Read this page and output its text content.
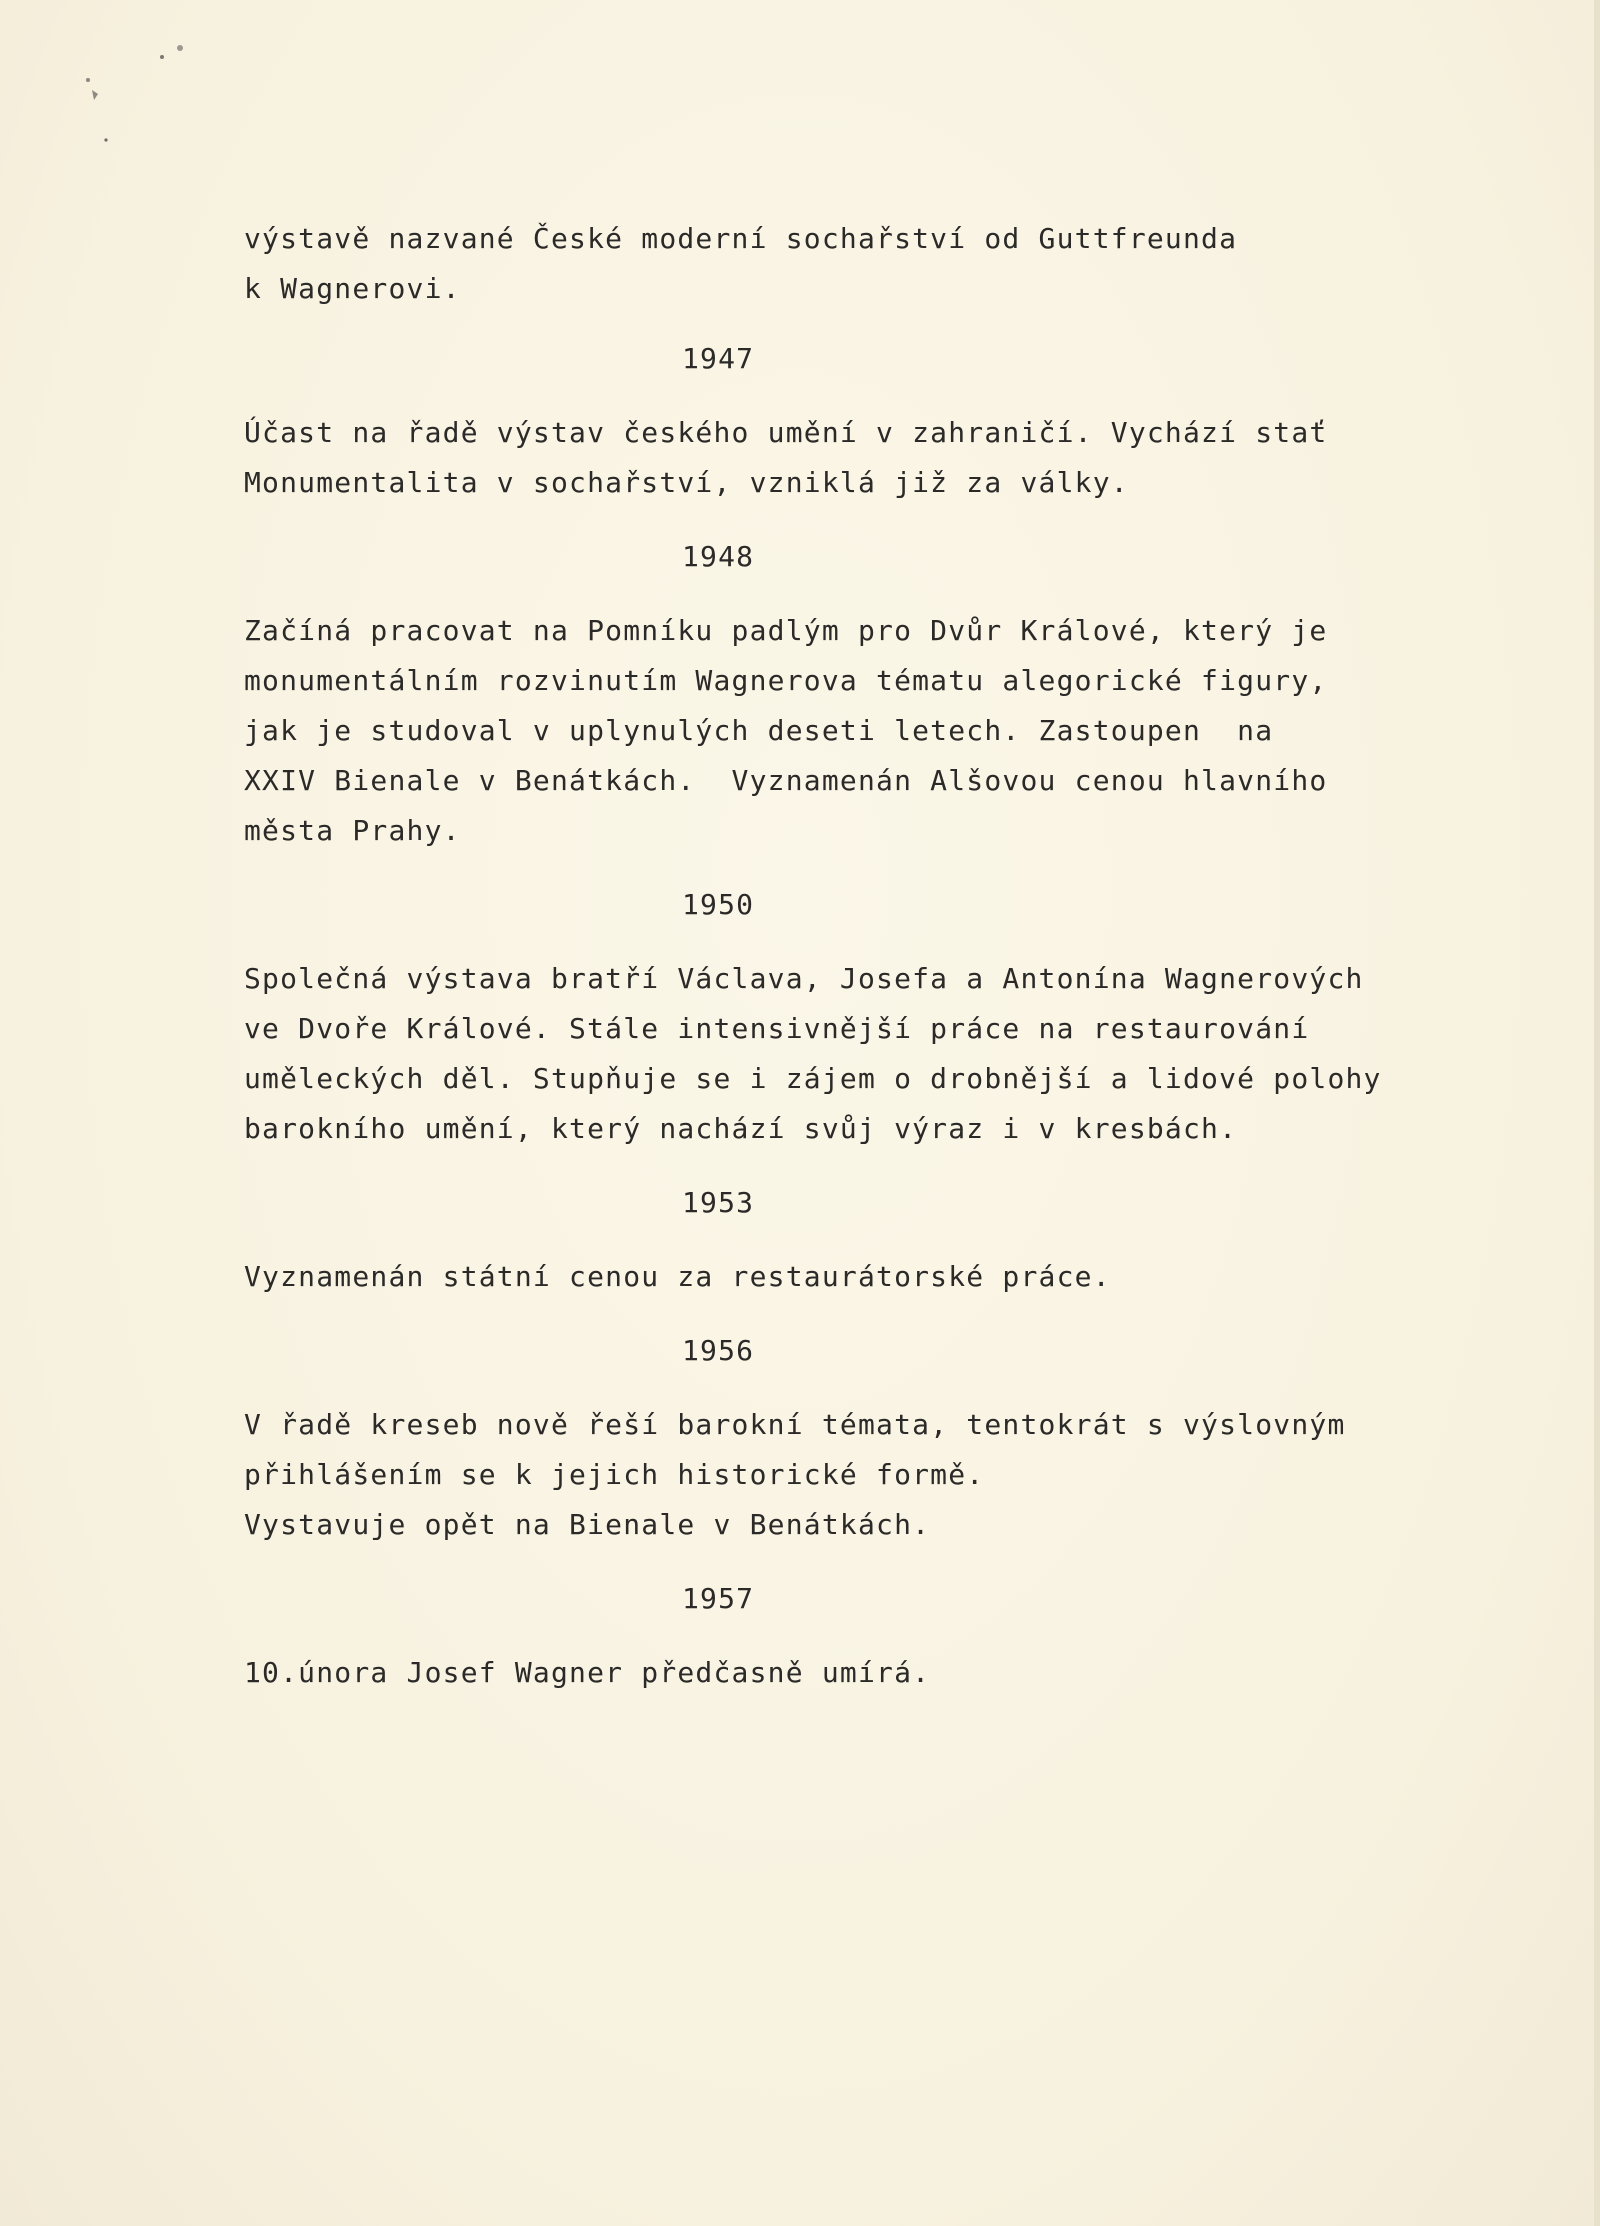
výstavě nazvané České moderní sochařství od Guttfreunda
k Wagnerovi.
1947
Účast na řadě výstav českého umění v zahraničí. Vychází stať
Monumentalita v sochařství, vzniklá již za války.
1948
Začíná pracovat na Pomníku padlým pro Dvůr Králové, který je
monumentálním rozvinutím Wagnerova tématu alegorické figury,
jak je studoval v uplynulých deseti letech. Zastoupen  na
XXIV Bienale v Benátkách.  Vyznamenán Alšovou cenou hlavního
města Prahy.
1950
Společná výstava bratří Václava, Josefa a Antonína Wagnerových
ve Dvoře Králové. Stále intensivnější práce na restaurování
uměleckých děl. Stupňuje se i zájem o drobnější a lidové polohy
barokního umění, který nachází svůj výraz i v kresbách.
1953
Vyznamenán státní cenou za restaurátorské práce.
1956
V řadě kreseb nově řeší barokní témata, tentokrát s výslovným
přihlášením se k jejich historické formě.
Vystavuje opět na Bienale v Benátkách.
1957
10.února Josef Wagner předčasně umírá.
